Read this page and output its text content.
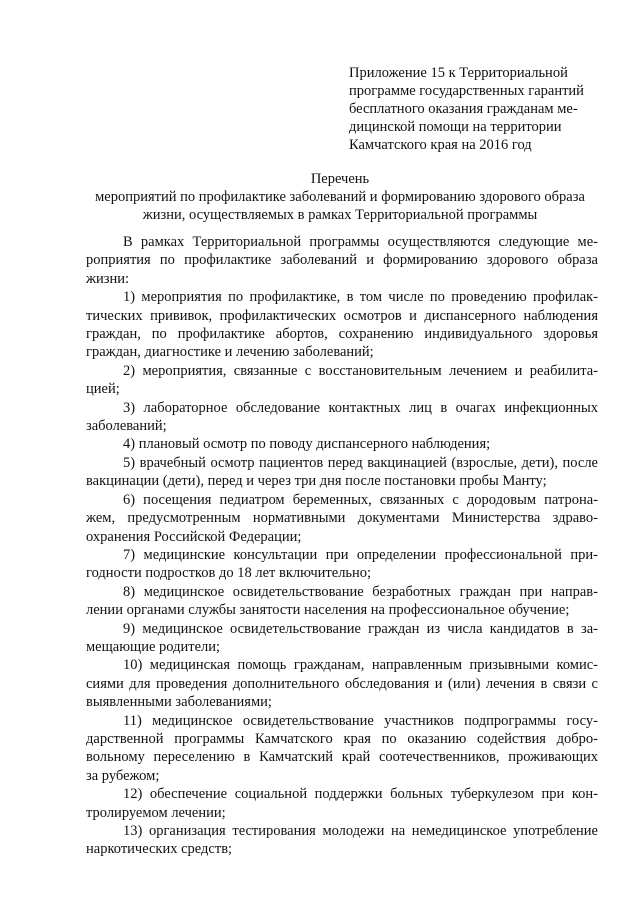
Приложение 15 к Территориальной
программе государственных гарантий
бесплатного оказания гражданам ме-
дицинской помощи на территории
Камчатского края на 2016 год
Перечень
мероприятий по профилактике заболеваний и формированию здорового образа
жизни, осуществляемых в рамках Территориальной программы
В рамках Территориальной программы осуществляются следующие ме-
роприятия по профилактике заболеваний и формированию здорового образа
жизни:
1) мероприятия по профилактике, в том числе по проведению профилак-
тических прививок, профилактических осмотров и диспансерного наблюдения
граждан, по профилактике абортов, сохранению индивидуального здоровья
граждан, диагностике и лечению заболеваний;
2) мероприятия, связанные с восстановительным лечением и реабилита-
цией;
3) лабораторное обследование контактных лиц в очагах инфекционных
заболеваний;
4) плановый осмотр по поводу диспансерного наблюдения;
5) врачебный осмотр пациентов перед вакцинацией (взрослые, дети), после
вакцинации (дети), перед и через три дня после постановки пробы Манту;
6) посещения педиатром беременных, связанных с дородовым патрона-
жем, предусмотренным нормативными документами Министерства здраво-
охранения Российской Федерации;
7) медицинские консультации при определении профессиональной при-
годности подростков до 18 лет включительно;
8) медицинское освидетельствование безработных граждан при направ-
лении органами службы занятости населения на профессиональное обучение;
9) медицинское освидетельствование граждан из числа кандидатов в за-
мещающие родители;
10) медицинская помощь гражданам, направленным призывными комис-
сиями для проведения дополнительного обследования и (или) лечения в связи с
выявленными заболеваниями;
11) медицинское освидетельствование участников подпрограммы госу-
дарственной программы Камчатского края по оказанию содействия добро-
вольному переселению в Камчатский край соотечественников, проживающих
за рубежом;
12) обеспечение социальной поддержки больных туберкулезом при кон-
тролируемом лечении;
13) организация тестирования молодежи на немедицинское употребление
наркотических средств;
